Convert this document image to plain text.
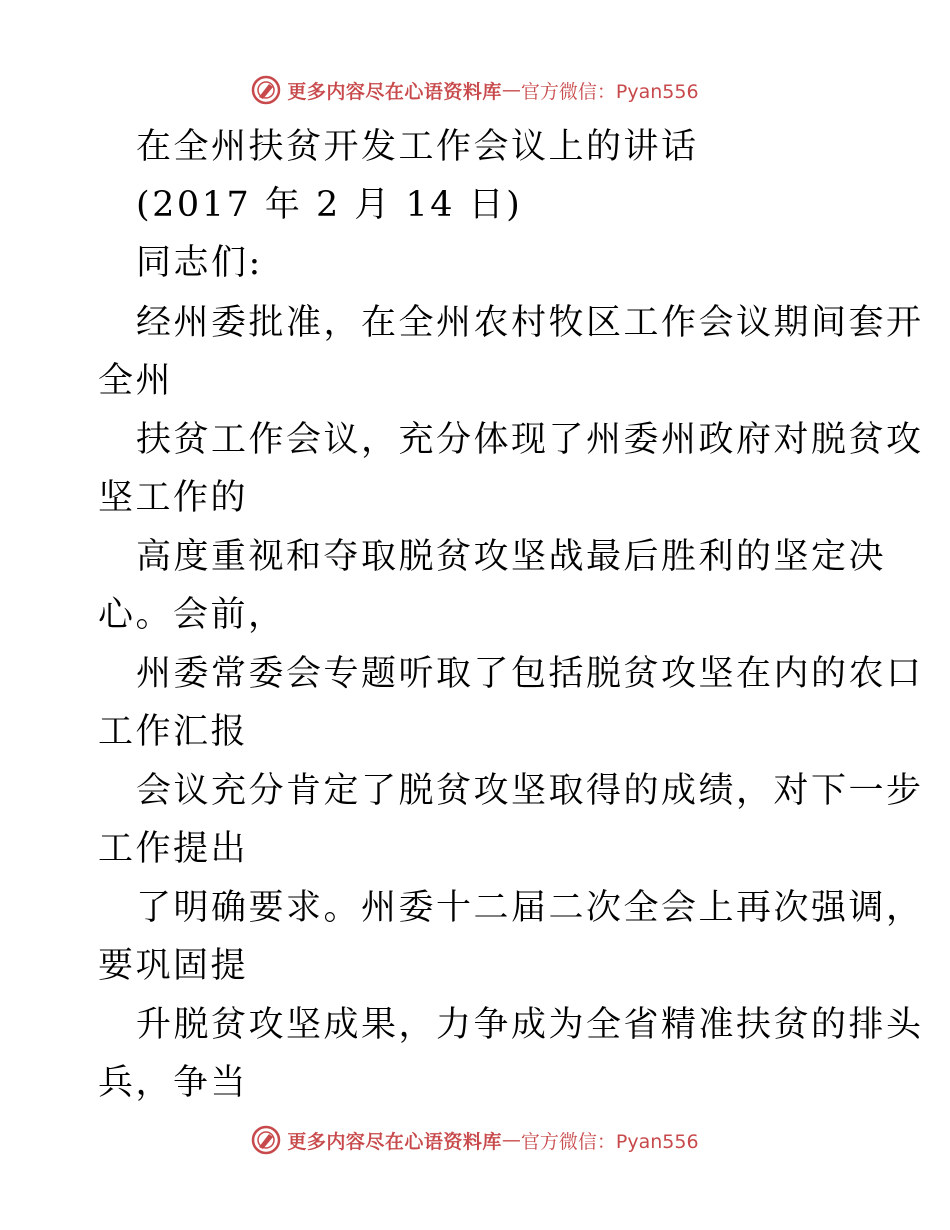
更多内容尽在心语资料库 — 官方微信：Pyan556
在全州扶贫开发工作会议上的讲话
(2017 年 2 月 14 日)
同志们:
经州委批准，在全州农村牧区工作会议期间套开
全州
扶贫工作会议，充分体现了州委州政府对脱贫攻
坚工作的
高度重视和夺取脱贫攻坚战最后胜利的坚定决
心。会前，
州委常委会专题听取了包括脱贫攻坚在内的农口
工作汇报
会议充分肯定了脱贫攻坚取得的成绩，对下一步
工作提出
了明确要求。州委十二届二次全会上再次强调，
要巩固提
升脱贫攻坚成果，力争成为全省精准扶贫的排头
兵，争当
更多内容尽在心语资料库 — 官方微信：Pyan556
